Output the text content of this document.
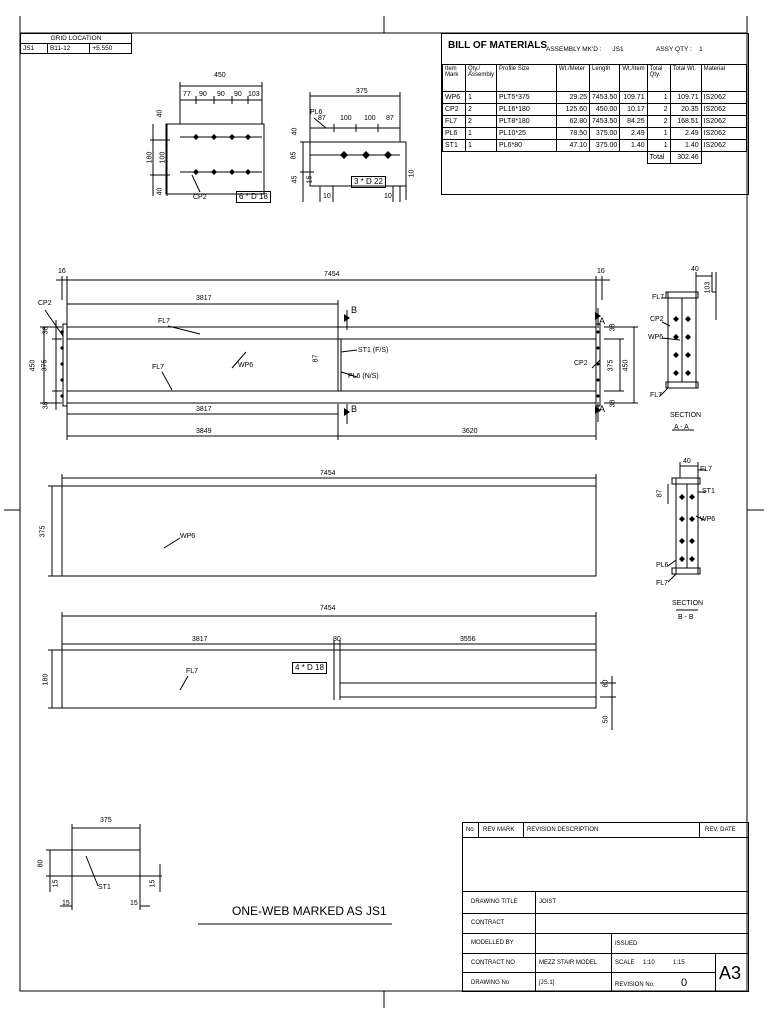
GRID LOCATION
JS1	B11-12	+5.550	BILL OF MATERIALS
ASSEMBLY MK'D : JS1	ASSY QTY : 1
Item Mark	Qty./ Assembly	Profile Size	Wt./Meter	Length	Wt./Item	Total Qty.	Total Wt.	Material
WP6	1	PLT5*375	29.25	7453.50	109.71	1	109.71	IS2062
CP2	2	PL16*180	125.60	450.00	10.17	2	20.35	IS2062
FL7	2	PLT8*180	62.80	7453.50	84.25	2	168.51	IS2062
PL6	1	PL10*25	78.50	375.00	2.49	1	2.49	IS2062
ST1	1	PL6*80	47.10	375.00	1.40	1	1.40	IS2062
						Total	302.46	
450
77 90 90 90 103
40
180 100
40
CP2	6 * D 18
375
87 100 100 87
PL6
40
85
45 15
10
10	10
3 * D 22
7454
16	16
3817
3817
3849	3620
450
38
375
38
375 450
38
38
87
CP2
FL7
FL7	WP6
ST1 (F/S)
PL6 (N/S)
CP2
B
B
A
A
40
103
FL7
CP2
WP6
FL7
SECTION
A - A
40
87
FL7
ST1
WP6
PL6
FL7
SECTION
B - B
7454
375	WP6
7454
3817	80	3556
180
FL7	4 * D 18
80
50
375
80
15	15
15	15
ST1
ONE-WEB MARKED AS JS1
No REV MARK REVISION DESCRIPTION	REV. DATE
DRAWING TITLE	JOIST
CONTRACT
MODELLED BY	ISSUED
CONTRACT NO	MEZZ STAIR MODEL	SCALE 1:10	1:15
DRAWING No	[JS.1]	REVISION No. 0 A3
